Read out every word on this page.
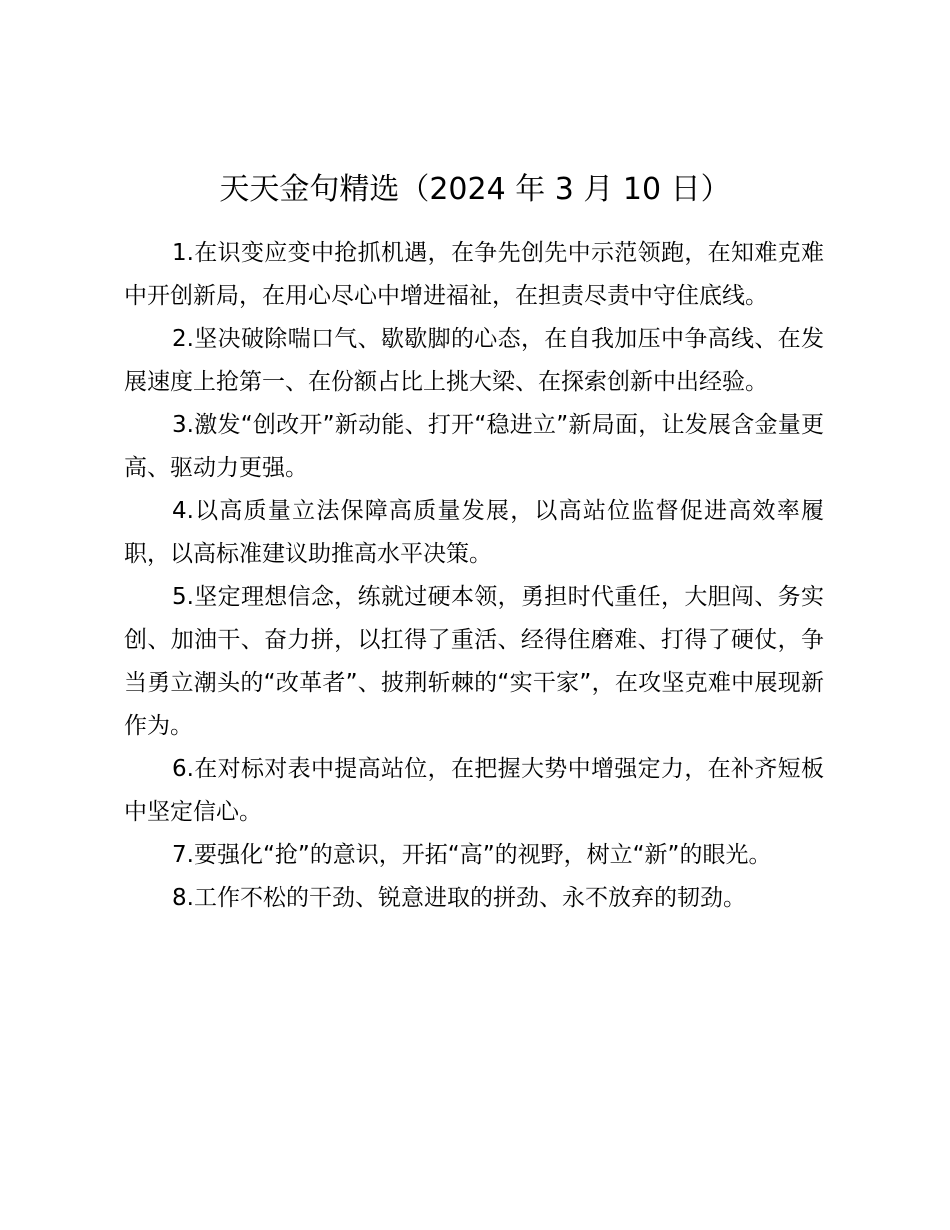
天天金句精选（2024 年 3 月 10 日）

1.在识变应变中抢抓机遇，在争先创先中示范领跑，在知难克难中开创新局，在用心尽心中增进福祉，在担责尽责中守住底线。

2.坚决破除喘口气、歇歇脚的心态，在自我加压中争高线、在发展速度上抢第一、在份额占比上挑大梁、在探索创新中出经验。

3.激发“创改开”新动能、打开“稳进立”新局面，让发展含金量更高、驱动力更强。

4.以高质量立法保障高质量发展，以高站位监督促进高效率履职，以高标准建议助推高水平决策。

5.坚定理想信念，练就过硬本领，勇担时代重任，大胆闯、务实创、加油干、奋力拼，以扛得了重活、经得住磨难、打得了硬仗，争当勇立潮头的“改革者”、披荆斩棘的“实干家”，在攻坚克难中展现新作为。

6.在对标对表中提高站位，在把握大势中增强定力，在补齐短板中坚定信心。

7.要强化“抢”的意识，开拓“高”的视野，树立“新”的眼光。

8.工作不松的干劲、锐意进取的拼劲、永不放弃的韧劲。
